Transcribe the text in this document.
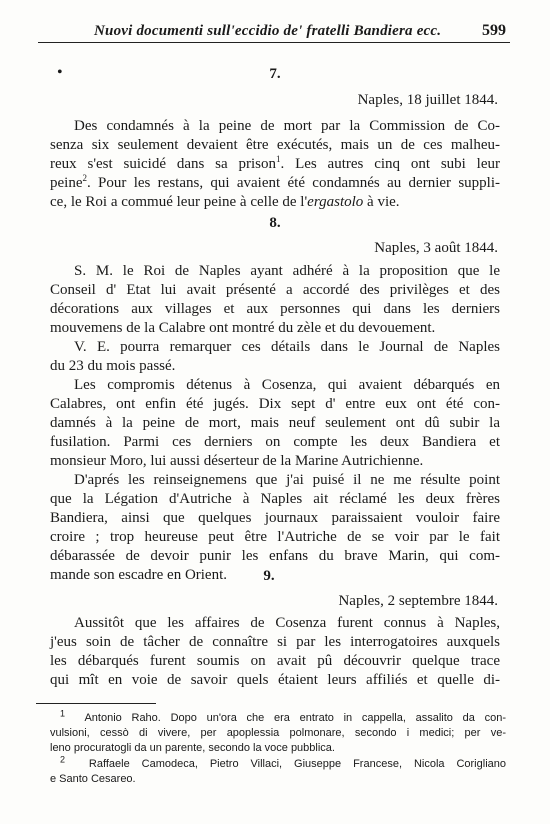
Nuovi documenti sull'eccidio de' fratelli Bandiera ecc.	599
•	7.
Naples, 18 juillet 1844.
Des condamnés à la peine de mort par la Commission de Co-
senza six seulement devaient être exécutés, mais un de ces malheu-
reux s'est suicidé dans sa prison$^1$. Les autres cinq ont subi leur
peine$^2$. Pour les restans, qui avaient été condamnés au dernier suppli-
ce, le Roi a commué leur peine à celle de l'ergastolo à vie.
8.
Naples, 3 août 1844.
S. M. le Roi de Naples ayant adhéré à la proposition que le
Conseil d' Etat lui avait présenté a accordé des privilèges et des
décorations aux villages et aux personnes qui dans les derniers
mouvemens de la Calabre ont montré du zèle et du devouement.
V. E. pourra remarquer ces détails dans le Journal de Naples
du 23 du mois passé.
Les compromis détenus à Cosenza, qui avaient débarqués en
Calabres, ont enfin été jugés. Dix sept d' entre eux ont été con-
damnés à la peine de mort, mais neuf seulement ont dû subir la
fusilation. Parmi ces derniers on compte les deux Bandiera et
monsieur Moro, lui aussi déserteur de la Marine Autrichienne.
D'aprés les reinseignemens que j'ai puisé il ne me résulte point
que la Légation d'Autriche à Naples ait réclamé les deux frères
Bandiera, ainsi que quelques journaux paraissaient vouloir faire
croire ; trop heureuse peut être l'Autriche de se voir par le fait
débarassée de devoir punir les enfans du brave Marin, qui com-
mande son escadre en Orient.	9.
Naples, 2 septembre 1844.
Aussitôt que les affaires de Cosenza furent connus à Naples,
j'eus soin de tâcher de connaître si par les interrogatoires auxquels
les débarqués furent soumis on avait pû découvrir quelque trace
qui mît en voie de savoir quels étaient leurs affiliés et quelle di-
$^1$ Antonio Raho. Dopo un'ora che era entrato in cappella, assalito da con-
vulsioni, cessò di vivere, per apoplessia polmonare, secondo i medici; per ve-
leno procuratogli da un parente, secondo la voce pubblica.
$^2$ Raffaele Camodeca, Pietro Villaci, Giuseppe Francese, Nicola Corigliano
e Santo Cesareo.
